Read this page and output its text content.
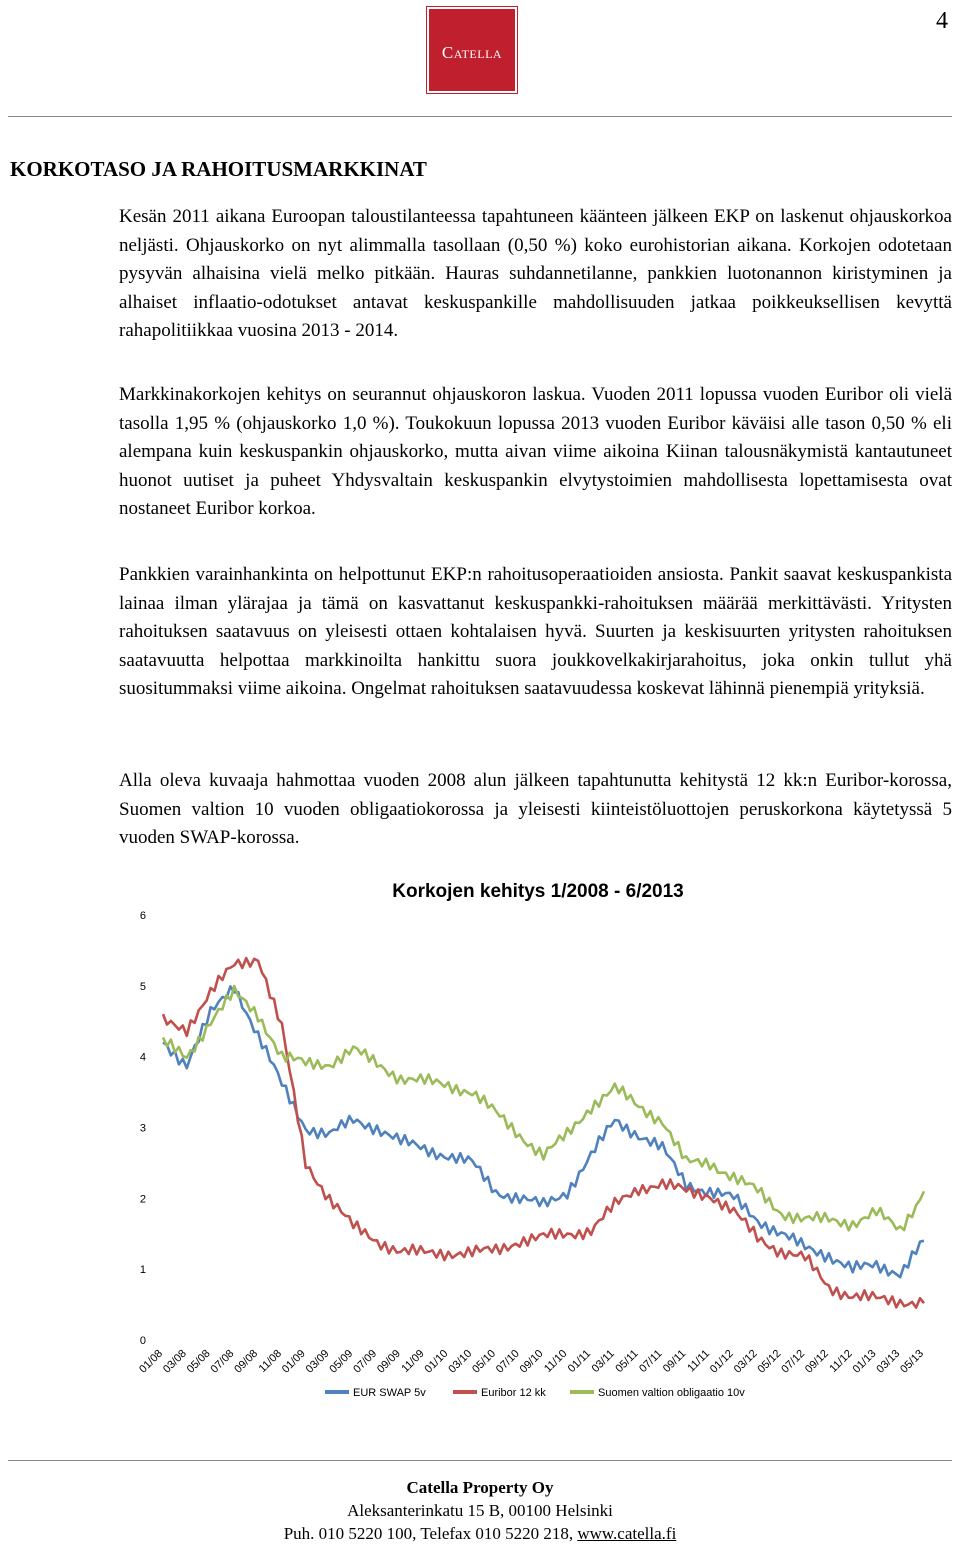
4
Catella
KORKOTASO JA RAHOITUSMARKKINAT
Kesän 2011 aikana Euroopan taloustilanteessa tapahtuneen käänteen jälkeen EKP on laskenut ohjauskorkoa neljästi. Ohjauskorko on nyt alimmalla tasollaan (0,50 %) koko eurohistorian aikana. Korkojen odotetaan pysyvän alhaisina vielä melko pitkään. Hauras suhdannetilanne, pankkien luotonannon kiristyminen ja alhaiset inflaatio-odotukset antavat keskuspankille mahdollisuuden jatkaa poikkeuksellisen kevyttä rahapolitiikkaa vuosina 2013 - 2014.
Markkinakorkojen kehitys on seurannut ohjauskoron laskua. Vuoden 2011 lopussa vuoden Euribor oli vielä tasolla 1,95 % (ohjauskorko 1,0 %). Toukokuun lopussa 2013 vuoden Euribor käväisi alle tason 0,50 % eli alempana kuin keskuspankin ohjauskorko, mutta aivan viime aikoina Kiinan talousnäkymistä kantautuneet huonot uutiset ja puheet Yhdysvaltain keskuspankin elvytystoimien mahdollisesta lopettamisesta ovat nostaneet Euribor korkoa.
Pankkien varainhankinta on helpottunut EKP:n rahoitusoperaatioiden ansiosta. Pankit saavat keskuspankista lainaa ilman ylärajaa ja tämä on kasvattanut keskuspankki-rahoituksen määrää merkittävästi. Yritysten rahoituksen saatavuus on yleisesti ottaen kohtalaisen hyvä. Suurten ja keskisuurten yritysten rahoituksen saatavuutta helpottaa markkinoilta hankittu suora joukkovelkakirjarahoitus, joka onkin tullut yhä suositummaksi viime aikoina. Ongelmat rahoituksen saatavuudessa koskevat lähinnä pienempiä yrityksiä.
Alla oleva kuvaaja hahmottaa vuoden 2008 alun jälkeen tapahtunutta kehitystä 12 kk:n Euribor-korossa, Suomen valtion 10 vuoden obligaatiokorossa ja yleisesti kiinteistöluottojen peruskorkona käytetyssä 5 vuoden SWAP-korossa.
Korkojen kehitys 1/2008 - 6/2013
0
1
2
3
4
5
6
01/08
03/08
05/08
07/08
09/08
11/08
01/09
03/09
05/09
07/09
09/09
11/09
01/10
03/10
05/10
07/10
09/10
11/10
01/11
03/11
05/11
07/11
09/11
11/11
01/12
03/12
05/12
07/12
09/12
11/12
01/13
03/13
05/13
EUR SWAP 5v	Euribor 12 kk	Suomen valtion obligaatio 10v
Catella Property Oy
Aleksanterinkatu 15 B, 00100 Helsinki
Puh. 010 5220 100, Telefax 010 5220 218, www.catella.fi
